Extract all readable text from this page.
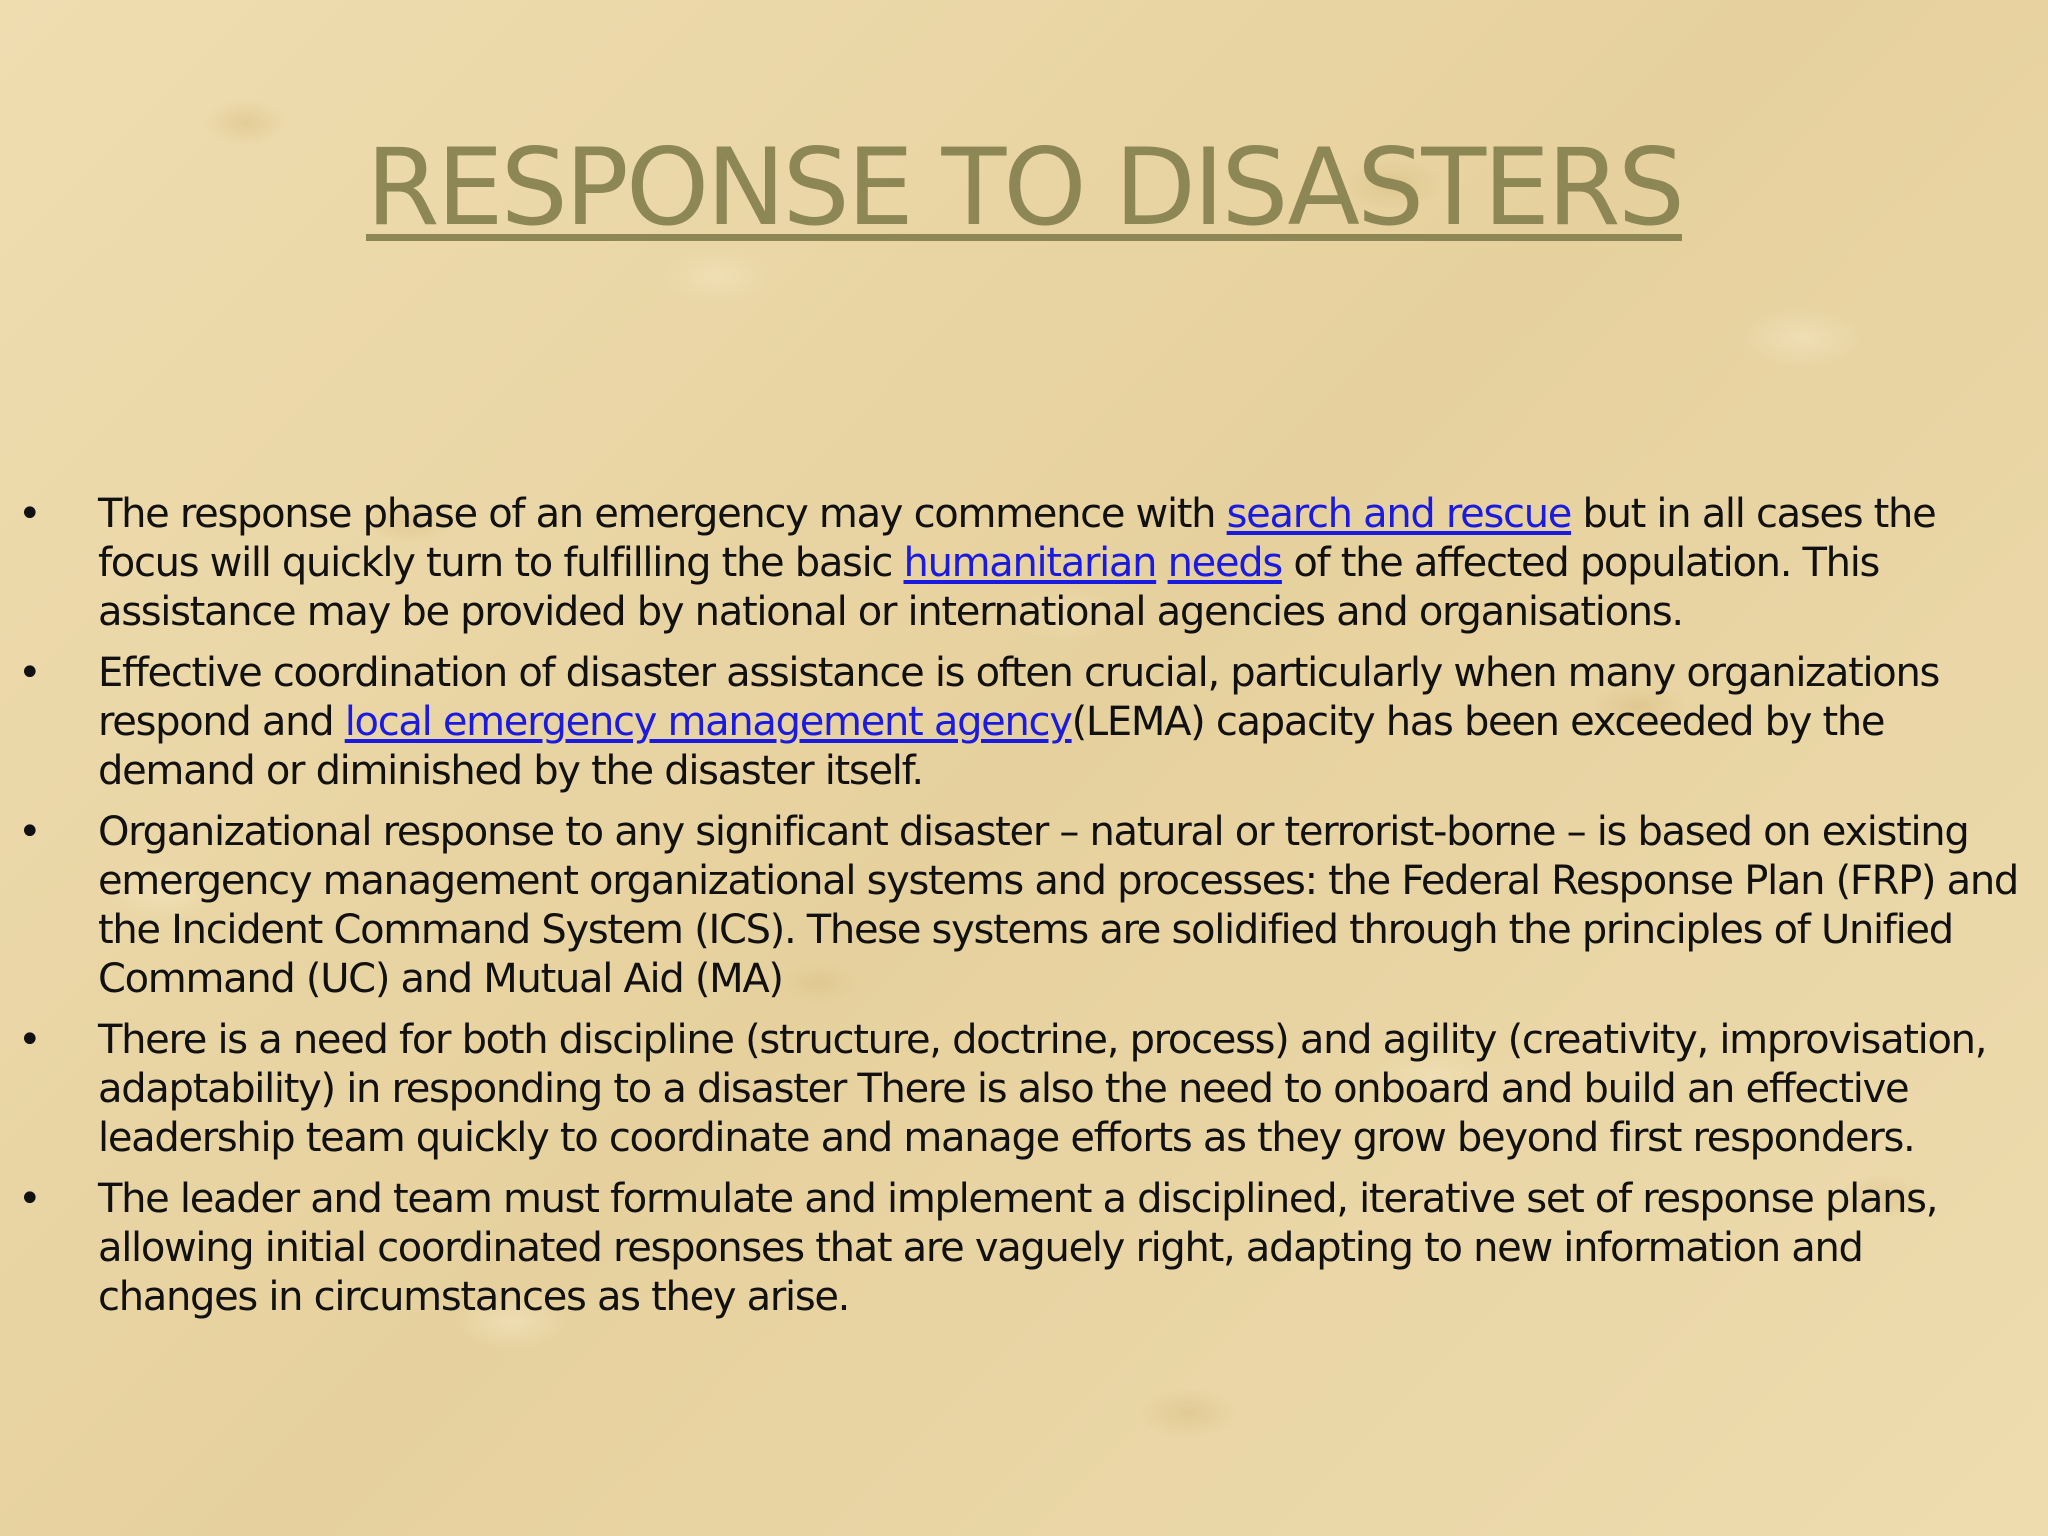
RESPONSE TO DISASTERS
•	The response phase of an emergency may commence with search and rescue but in all cases the focus will quickly turn to fulfilling the basic humanitarian needs of the affected population. This assistance may be provided by national or international agencies and organisations.
•	Effective coordination of disaster assistance is often crucial, particularly when many organizations respond and local emergency management agency(LEMA) capacity has been exceeded by the demand or diminished by the disaster itself.
•	Organizational response to any significant disaster – natural or terrorist-borne – is based on existing emergency management organizational systems and processes: the Federal Response Plan (FRP) and the Incident Command System (ICS). These systems are solidified through the principles of Unified Command (UC) and Mutual Aid (MA)
•	There is a need for both discipline (structure, doctrine, process) and agility (creativity, improvisation, adaptability) in responding to a disaster There is also the need to onboard and build an effective leadership team quickly to coordinate and manage efforts as they grow beyond first responders.
•	The leader and team must formulate and implement a disciplined, iterative set of response plans, allowing initial coordinated responses that are vaguely right, adapting to new information and changes in circumstances as they arise.
